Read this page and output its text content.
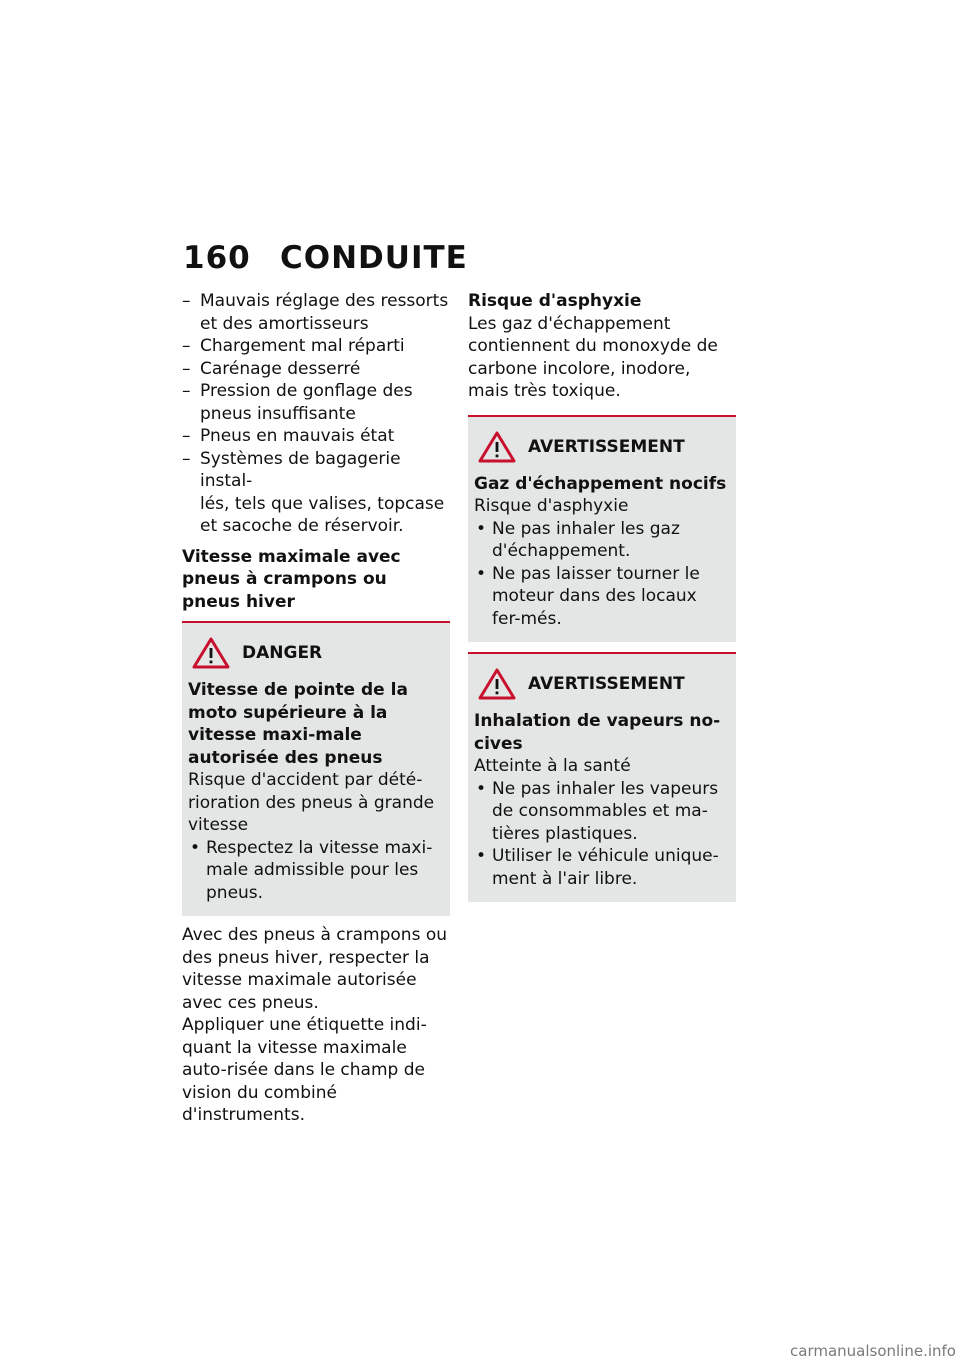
160 CONDUITE
– Mauvais réglage des ressorts
et des amortisseurs
– Chargement mal réparti
– Carénage desserré
– Pression de gonflage des
pneus insuffisante
– Pneus en mauvais état
– Systèmes de bagagerie instal-
lés, tels que valises, topcase et sacoche de réservoir.

Vitesse maximale avec pneus à crampons ou pneus hiver

DANGER

Vitesse de pointe de la moto supérieure à la vitesse maxi-male autorisée des pneus

Risque d'accident par dété-rioration des pneus à grande vitesse

• Respectez la vitesse maxi-male admissible pour les pneus.

Avec des pneus à crampons ou des pneus hiver, respecter la vitesse maximale autorisée avec ces pneus.

Appliquer une étiquette indi-quant la vitesse maximale auto-risée dans le champ de vision du combiné d'instruments.

Risque d'asphyxie

Les gaz d'échappement contiennent du monoxyde de carbone incolore, inodore, mais très toxique.

AVERTISSEMENT

Gaz d'échappement nocifs

Risque d'asphyxie

• Ne pas inhaler les gaz d'échappement.
• Ne pas laisser tourner le moteur dans des locaux fer-més.
AVERTISSEMENT

Inhalation de vapeurs no-cives

Atteinte à la santé

• Ne pas inhaler les vapeurs de consommables et ma-tières plastiques.
• Utiliser le véhicule unique-ment à l'air libre.
carmanualsonline.info
